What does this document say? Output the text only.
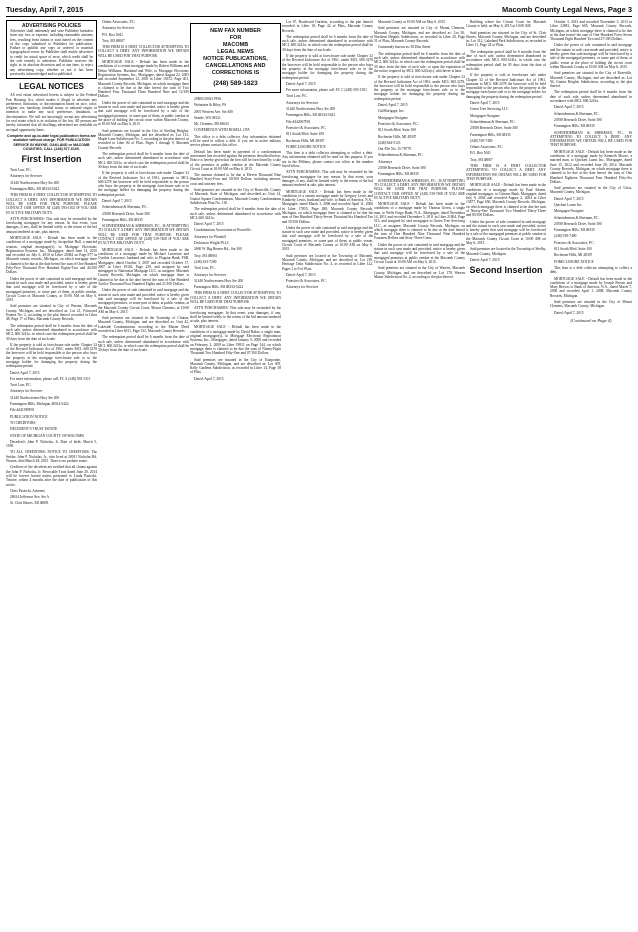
Tuesday, April 7, 2015	Macomb County Legal News, Page 3
ADVERTISING POLICIES
Advertiser shall indemnify and save Publisher harmless from any loss or expense, including reasonable attorney fees, resulting from claims or suits based on the content of the copy submitted to Publisher for publication. Failure to publish any copy as ordered or material typographical errors by Publisher shall entitle advertiser to credit for actual space of error, which credit shall be the sole remedy to advertiser. Publisher reserves the right, at its absolute discretion and at any time, to reject any advertising copy, whether or not it has been previously acknowledged and/or published.
LEGAL NOTICES

All real estate advertised herein is subject to the Federal Fair Housing Act, which makes it illegal to advertise any preference, limitation, or discrimination based on race, color, religion, sex, handicap, familial status, or national origin, or intention to make any such preference, limitation, or discrimination. We will not knowingly accept any advertising for real estate which is in violation of the law. All persons are hereby informed that all dwellings advertised are available on an equal opportunity basis.

Complete and up-to-date legal publication forms are available without charge. FOR PUBLICATION SERVICE IN WAYNE, OAKLAND or MACOMB COUNTIES, CALL (248) 577-6100.

First Insertion

Trott Law, P.C.

Attorneys for Servicer

31440 Northwestern Hwy Ste 200

Farmington Hills, MI 48334-5422

THIS FIRM IS A DEBT COLLECTOR ATTEMPTING TO COLLECT A DEBT. ANY INFORMATION WE OBTAIN WILL BE USED FOR THAT PURPOSE. PLEASE CONTACT OUR OFFICE AT (248) 593-1302 IF YOU ARE IN ACTIVE MILITARY DUTY.

ATTN PURCHASERS: This sale may be rescinded by the foreclosing mortgagee for any reason. In that event, your damages, if any, shall be limited solely to the return of the bid amount tendered at sale, plus interest.

MORTGAGE SALE - Default has been made in the conditions of a mortgage made by Jacqueline Hall, a married woman, original mortgagor(s), to Mortgage Electronic Registration Systems, Inc., Mortgagee, dated June 14, 2010 and recorded on July 6, 2010 in Liber 20384 on Page 877 in Macomb county records, Michigan, on which mortgage there is claimed to be due at the date hereof the sum of One Hundred Fifty-Five Thousand Five Hundred Eighty-Two and 44/100 Dollars.

Under the power of sale contained in said mortgage and the statute in such case made and provided, notice is hereby given that said mortgage will be foreclosed by a sale of the mortgaged premises, or some part of them, at public vendue, Circuit Court of Macomb County, at 10:00 AM on May 6, 2015.

Said premises are situated in City of Warren, Macomb County, Michigan, and are described as: Lot 21, Fairwood Estates No. 2, according to the plat thereof recorded in Liber 48, Page 17 of Plats, Macomb County Records.

The redemption period shall be 6 months from the date of such sale, unless determined abandoned in accordance with MCL 600.3241a, in which case the redemption period shall be 30 days from the date of such sale.

If the property is sold at foreclosure sale under Chapter 32 of the Revised Judicature Act of 1961, under MCL 600.3278 the borrower will be held responsible to the person who buys the property at the mortgage foreclosure sale or to the mortgage holder for damaging the property during the redemption period.

Dated: April 7, 2015

For more information, please call: FC S (248) 593-1311

Trott Law, P.C.

Attorneys for Servicer

31440 Northwestern Hwy Ste 200

Farmington Hills, Michigan 48334-5422

File #441589F01

PUBLICATION NOTICE

TO CREDITORS

DECEDENT'S TRUST ESTATE

STATE OF MICHIGAN COUNTY OF MACOMB

Decedent's John P. Nicholas, Jr. Date of birth: March 5, 1939.

TO ALL CREDITORS: NOTICE TO CREDITORS: The Settlor, John P. Nicholas, Jr., who lived at 28011 Nicholas Rd, Warren, died March 28, 2015. There is no probate estate.

Creditors of the decedent are notified that all claims against the John P. Nicholas, Jr. Revocable Trust dated June 20, 2014 will be forever barred unless presented to Linda Pasiecki, Trustee, within 4 months after the date of publication of this notice.

Chris Pasiecki, Attorney

28614 Jefferson Ave, Ste A

St. Clair Shores, MI 48081

Orlans Associates, P.C.

Attorneys for Servicer

P.O. Box 5041

Troy, MI 48007

THIS FIRM IS A DEBT COLLECTOR ATTEMPTING TO COLLECT A DEBT. ANY INFORMATION WE OBTAIN WILL BE USED FOR THAT PURPOSE.

MORTGAGE SALE - Default has been made in the conditions of a certain mortgage made by Robert Williams and Debra Williams, Husband and Wife, to Mortgage Electronic Registration Systems, Inc., Mortgagee, dated August 22, 2005 and recorded September 12, 2005 in Liber 15672, Page 401, Macomb County Records, Michigan, on which mortgage there is claimed to be due at the date hereof the sum of Two Hundred Four Thousand Three Hundred Nine and 12/100 Dollars.

Under the power of sale contained in said mortgage and the statute in such case made and provided, notice is hereby given that said mortgage will be foreclosed by a sale of the mortgaged premises, or some part of them, at public vendue at the place of holding the circuit court within Macomb County, at 10:00 AM on May 6, 2015.

Said premises are located in the City of Sterling Heights, Macomb County, Michigan, and are described as: Lot 113, Maple Lane Subdivision No. 3, according to the plat thereof as recorded in Liber 82 of Plats, Pages 1 through 9, Macomb County Records.

The redemption period shall be 6 months from the date of such sale, unless determined abandoned in accordance with MCL 600.3241a, in which case the redemption period shall be 30 days from the date of such sale.

If the property is sold at foreclosure sale under Chapter 32 of the Revised Judicature Act of 1961, pursuant to MCL 600.3278 the borrower will be held responsible to the person who buys the property at the mortgage foreclosure sale or to the mortgage holder for damaging the property during the redemption period.

Dated: April 7, 2015

Schneiderman & Sherman, P.C.

23938 Research Drive, Suite 300

Farmington Hills, MI 48335

SCHNEIDERMAN & SHERMAN, P.C., IS ATTEMPTING TO COLLECT A DEBT. ANY INFORMATION WE OBTAIN WILL BE USED FOR THAT PURPOSE. PLEASE CONTACT OUR OFFICE AT (248) 539-7400 IF YOU ARE IN ACTIVE MILITARY DUTY.

MORTGAGE SALE - Default has been made in the conditions of a mortgage made by Michael Lawrence and Cynthia Lawrence, husband and wife, to Flagstar Bank, FSB, Mortgagee, dated October 3, 2007 and recorded October 17, 2007 in Liber 19102, Page 229, and assigned by said mortgagee to Nationstar Mortgage LLC, as assignee, Macomb County Records, Michigan, on which mortgage there is claimed to be due at the date hereof the sum of One Hundred Twelve Thousand Four Hundred Eighty and 21/100 Dollars.

Under the power of sale contained in said mortgage and the statute in such case made and provided, notice is hereby given that said mortgage will be foreclosed by a sale of the mortgaged premises, or some part of them, at public vendue, at the Macomb County Circuit Court, Mount Clemens, at 10:00 AM on May 6, 2015.

Said premises are situated in the Township of Clinton, Macomb County, Michigan, and are described as: Unit 42, Lakeside Condominium, according to the Master Deed recorded in Liber 6011, Page 512, Macomb County Records.

The redemption period shall be 6 months from the date of such sale, unless determined abandoned in accordance with MCL 600.3241a, in which case the redemption period shall be 30 days from the date of such sale.

NEW FAX NUMBER
FOR
MACOMB
LEGAL NEWS
NOTICE PUBLICATIONS,
CANCELLATIONS AND
CORRECTIONS IS
(248) 589-1823

29R0C50041 FHA

Weinstein & Riley, PS

2001 Western Ave, Ste 400

Seattle, WA 98121

Mt. Clemens, MI 48043

CONFERENCE WITH ROSELL CPA

This office is a debt collector. Any information obtained will be used to collect a debt. If you are in active military service please contact this office.

Default has been made in payment of a condominium assessment lien recorded against the premises described below. Notice is hereby given that the lien will be foreclosed by a sale of the premises at public vendue at the Macomb County Circuit Court at 10:00 AM on May 6, 2015.

The amount claimed to be due is Eleven Thousand Nine Hundred Sixty-Four and 30/100 Dollars, including interest, costs and attorney fees.

Said premises are situated in the City of Roseville, County of Macomb, State of Michigan, and described as: Unit 14, Gratiot Square Condominium, Macomb County Condominium Subdivision Plan No. 118.

The redemption period shall be 6 months from the date of such sale, unless determined abandoned in accordance with MCL 600.3241a.

Dated: April 7, 2015

Condominium Association of Roseville

Attorneys for Plaintiff

Dickinson Wright PLLC

2600 W. Big Beaver Rd., Ste 300

Troy, MI 48084

(248) 433-7200

Trott Law, P.C.

Attorneys for Servicer

31440 Northwestern Hwy Ste 200

Farmington Hills, MI 48334-5422

THIS FIRM IS A DEBT COLLECTOR ATTEMPTING TO COLLECT A DEBT. ANY INFORMATION WE OBTAIN WILL BE USED FOR THAT PURPOSE.

ATTN PURCHASERS: This sale may be rescinded by the foreclosing mortgagee. In that event, your damages, if any, shall be limited solely to the return of the bid amount tendered at sale, plus interest.

MORTGAGE SALE - Default has been made in the conditions of a mortgage made by David Baker, a single man, original mortgagor(s), to Mortgage Electronic Registration Systems, Inc., Mortgagee, dated January 9, 2009 and recorded on February 2, 2009 in Liber 19811 on Page 144, on which mortgage there is claimed to be due the sum of Ninety-Eight Thousand Two Hundred Fifty-One and 07/100 Dollars.

Said premises are situated in the City of Eastpointe, Macomb County, Michigan, and are described as: Lot 309, Kelly Gardens Subdivision, as recorded in Liber 14, Page 38 of Plats.

Dated: April 7, 2015

Lot 67, Boulevard Gardens, according to the plat thereof recorded in Liber 10, Page 42 of Plats, Macomb County Records.

The redemption period shall be 6 months from the date of such sale, unless determined abandoned in accordance with MCL 600.3241a, in which case the redemption period shall be 30 days from the date of such sale.

If the property is sold at foreclosure sale under Chapter 32 of the Revised Judicature Act of 1961, under MCL 600.3278 the borrower will be held responsible to the person who buys the property at the mortgage foreclosure sale or to the mortgage holder for damaging the property during the redemption period.

Dated: April 7, 2015

For more information, please call: FC C (248) 593-1301

Trott Law, P.C.

Attorneys for Servicer

31440 Northwestern Hwy Ste 200

Farmington Hills, MI 48334-5422

File #442067F01

Potestivo & Associates, P.C.

811 South Blvd. Suite 100

Rochester Hills, MI 48307

FORECLOSURE NOTICE

This firm is a debt collector attempting to collect a debt. Any information obtained will be used for this purpose. If you are in the Military, please contact our office at the number listed below.

ATTN PURCHASERS: This sale may be rescinded by the foreclosing mortgagee for any reason. In that event, your damages, if any, shall be limited solely to the return of the bid amount tendered at sale, plus interest.

MORTGAGE SALE - Default has been made in the conditions of a certain mortgage made by Gregory Lewis and Kimberly Lewis, husband and wife, to Bank of America, N.A., Mortgagee, dated March 3, 2006 and recorded April 11, 2006 in Liber 17855, Page 288, Macomb County Records, Michigan, on which mortgage there is claimed to be due the sum of One Hundred Thirty-Seven Thousand Six Hundred Ten and 55/100 Dollars.

Under the power of sale contained in said mortgage and the statute in such case made and provided, notice is hereby given that said mortgage will be foreclosed by a sale of the mortgaged premises, or some part of them, at public venue, Circuit Court of Macomb County at 10:00 AM on May 6, 2015.

Said premises are located in the Township of Macomb, Macomb County, Michigan, and are described as: Lot 218, Heritage Oaks Subdivision No. 4, as recorded in Liber 122, Pages 1 to 9 of Plats.

Dated: April 7, 2015

Potestivo & Associates, P.C.

Attorneys for Servicer

Macomb County at 10:00 AM on May 6, 2015.

Said premises are situated in City of Mount Clemens, Macomb County, Michigan, and are described as: Lot 50, Northern Heights Subdivision, as recorded in Liber 20, Page 31 of Plats, Macomb County Records.

Commonly known as: 83 Elm Street

The redemption period shall be 6 months from the date of such sale, unless determined abandoned in accordance with MCL 600.3241a, in which case the redemption period shall be 30 days from the date of such sale, or upon the expiration of the notice required by MCL 600.3241a(c), whichever is later.

If the property is sold at foreclosure sale under Chapter 32 of the Revised Judicature Act of 1961, under MCL 600.3278, the borrower will be held responsible to the person who buys the property at the mortgage foreclosure sale or to the mortgage holder for damaging the property during the redemption period.

Dated: April 7, 2015

CitiMortgage, Inc.

Mortgagee/Assignee

Potestivo & Associates, P.C.

811 South Blvd. Suite 100

Rochester Hills, MI 48307

(248) 844-5123

Our File No: 15-78779

Schneiderman & Sherman, P.C.

Attorneys

23938 Research Drive, Suite 300

Farmington Hills, MI 48335

SCHNEIDERMAN & SHERMAN, P.C., IS ATTEMPTING TO COLLECT A DEBT. ANY INFORMATION WE OBTAIN WILL BE USED FOR THAT PURPOSE. PLEASE CONTACT OUR OFFICE AT (248) 539-7400 IF YOU ARE IN ACTIVE MILITARY DUTY.

MORTGAGE SALE - Default has been made in the conditions of a mortgage made by Thomas Green, a single man, to Wells Fargo Bank, N.A., Mortgagee, dated November 14, 2011 and recorded December 5, 2011 in Liber 21004, Page 513, and assigned by said mortgagee to Green Tree Servicing LLC, as assignee, Macomb County Records, Michigan, on which mortgage there is claimed to be due at the date hereof the sum of One Hundred Nine Thousand Nine Hundred Fourteen Dollars and Sixty-Three Cents.

Under the power of sale contained in said mortgage and the statute in such case made and provided, notice is hereby given that said mortgage will be foreclosed by a sale of the mortgaged premises at public vendue at the Macomb County Circuit Court at 10:00 AM on May 6, 2015.

Said premises are situated in the City of Warren, Macomb County, Michigan, and are described as: Lot 178, Warren Manor Subdivision No. 2, according to the plat thereof.

Building where the Circuit Court for Macomb County is held, on May 6, 2015 at 10:00 AM.

Said premises are situated in the City of St. Clair Shores, Macomb County, Michigan, and are described as: Lot 312, Lakeland Park Subdivision, as recorded in Liber 11, Page 24 of Plats.

The redemption period shall be 6 months from the date of such sale, unless determined abandoned in accordance with MCL 600.3241a, in which case the redemption period shall be 30 days from the date of such sale.

If the property is sold at foreclosure sale under Chapter 32 of the Revised Judicature Act of 1961, pursuant to MCL 600.3278 the borrower will be held responsible to the person who buys the property at the mortgage foreclosure sale or to the mortgage holder for damaging the property during the redemption period.

Dated: April 7, 2015

Green Tree Servicing LLC

Mortgagee/Assignee

Schneiderman & Sherman, P.C.

23938 Research Drive, Suite 300

Farmington Hills, MI 48335

(248) 539-7400

Orlans Associates, P.C.

P.O. Box 5041

Troy, MI 48007

THIS FIRM IS A DEBT COLLECTOR ATTEMPTING TO COLLECT A DEBT. ANY INFORMATION WE OBTAIN WILL BE USED FOR THAT PURPOSE.

MORTGAGE SALE - Default has been made in the conditions of a mortgage made by Paul Adams, original mortgagor, to Citizens Bank, Mortgagee, dated July 9, 2004 and recorded August 2, 2004 in Liber 13877, Page 650, Macomb County Records, Michigan, on which mortgage there is claimed to be due the sum of Ninety-One Thousand Two Hundred Thirty-Three and 85/100 Dollars.

Under the power of sale contained in said mortgage and the statute in such case made and provided, notice is hereby given that said mortgage will be foreclosed by a sale of the mortgaged premises at public vendue at the Macomb County Circuit Court at 10:00 AM on May 6, 2015.

Said premises are located in the Township of Shelby, Macomb County, Michigan.

Dated: April 7, 2015

Second Insertion

October 3, 2013 and recorded November 5, 2013 in Liber 22881, Page 605, Macomb County Records, Michigan, on which mortgage there is claimed to be due at the date hereof the sum of One Hundred Forty-Seven Thousand Eight Hundred Two and 27/100 Dollars.

Under the power of sale contained in said mortgage and the statute in such case made and provided, notice is hereby given that said mortgage will be foreclosed by a sale of the mortgaged premises, or some part of them, at public venue at the place of holding the circuit court within Macomb County at 10:00 AM on May 6, 2015.

Said premises are situated in the City of Roseville, Macomb County, Michigan, and are described as: Lot 94, Gratiot Heights Subdivision, according to the plat thereof.

The redemption period shall be 6 months from the date of such sale, unless determined abandoned in accordance with MCL 600.3241a.

Dated: April 7, 2015

Schneiderman & Sherman, P.C.

23938 Research Drive, Suite 300

Farmington Hills, MI 48335

SCHNEIDERMAN & SHERMAN, P.C., IS ATTEMPTING TO COLLECT A DEBT. ANY INFORMATION WE OBTAIN WILL BE USED FOR THAT PURPOSE.

MORTGAGE SALE - Default has been made in the conditions of a mortgage made by Kenneth Moore, a married man, to Quicken Loans Inc., Mortgagee, dated June 15, 2012 and recorded June 28, 2012, Macomb County Records, Michigan, on which mortgage there is claimed to be due at the date hereof the sum of One Hundred Eighteen Thousand Four Hundred Fifty-Six Dollars.

Said premises are situated in the City of Utica, Macomb County, Michigan.

Dated: April 7, 2015

Quicken Loans Inc.

Mortgagee/Assignee

Schneiderman & Sherman, P.C.

23938 Research Drive, Suite 300

Farmington Hills, MI 48335

(248) 539-7400

Potestivo & Associates, P.C.

811 South Blvd. Suite 100

Rochester Hills, MI 48307

FORECLOSURE NOTICE

This firm is a debt collector attempting to collect a debt.

MORTGAGE SALE - Default has been made in the conditions of a mortgage made by Joseph Brown and Mary Brown, to Bank of America, N.A., dated March 7, 2008 and recorded April 1, 2008, Macomb County Records, Michigan.

Said premises are situated in the City of Mount Clemens, Macomb County, Michigan.

Dated: April 7, 2015

(Continued on Page 4)
